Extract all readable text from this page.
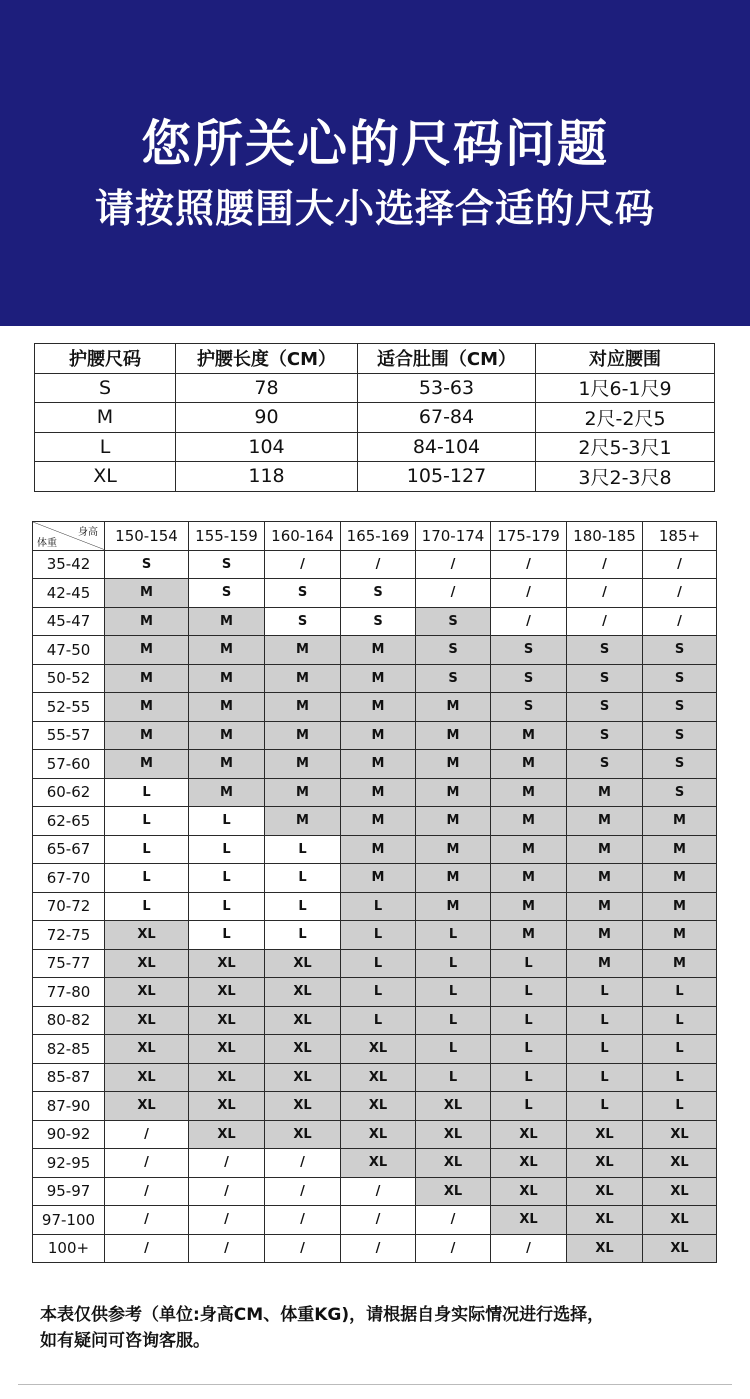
您所关心的尺码问题
请按照腰围大小选择合适的尺码
护腰尺码	护腰长度（CM）	适合肚围（CM）	对应腰围
S	78	53-63	1尺6-1尺9
M	90	67-84	2尺-2尺5
L	104	84-104	2尺5-3尺1
XL	118	105-127	3尺2-3尺8
身高
体重	150-154	155-159	160-164	165-169	170-174	175-179	180-185	185+
35-42	S	S	/	/	/	/	/	/
42-45	M	S	S	S	/	/	/	/
45-47	M	M	S	S	S	/	/	/
47-50	M	M	M	M	S	S	S	S
50-52	M	M	M	M	S	S	S	S
52-55	M	M	M	M	M	S	S	S
55-57	M	M	M	M	M	M	S	S
57-60	M	M	M	M	M	M	S	S
60-62	L	M	M	M	M	M	M	S
62-65	L	L	M	M	M	M	M	M
65-67	L	L	L	M	M	M	M	M
67-70	L	L	L	M	M	M	M	M
70-72	L	L	L	L	M	M	M	M
72-75	XL	L	L	L	L	M	M	M
75-77	XL	XL	XL	L	L	L	M	M
77-80	XL	XL	XL	L	L	L	L	L
80-82	XL	XL	XL	L	L	L	L	L
82-85	XL	XL	XL	XL	L	L	L	L
85-87	XL	XL	XL	XL	L	L	L	L
87-90	XL	XL	XL	XL	XL	L	L	L
90-92	/	XL	XL	XL	XL	XL	XL	XL
92-95	/	/	/	XL	XL	XL	XL	XL
95-97	/	/	/	/	XL	XL	XL	XL
97-100	/	/	/	/	/	XL	XL	XL
100+	/	/	/	/	/	/	XL	XL
本表仅供参考（单位:身高CM、体重KG)，请根据自身实际情况进行选择，
如有疑问可咨询客服。
